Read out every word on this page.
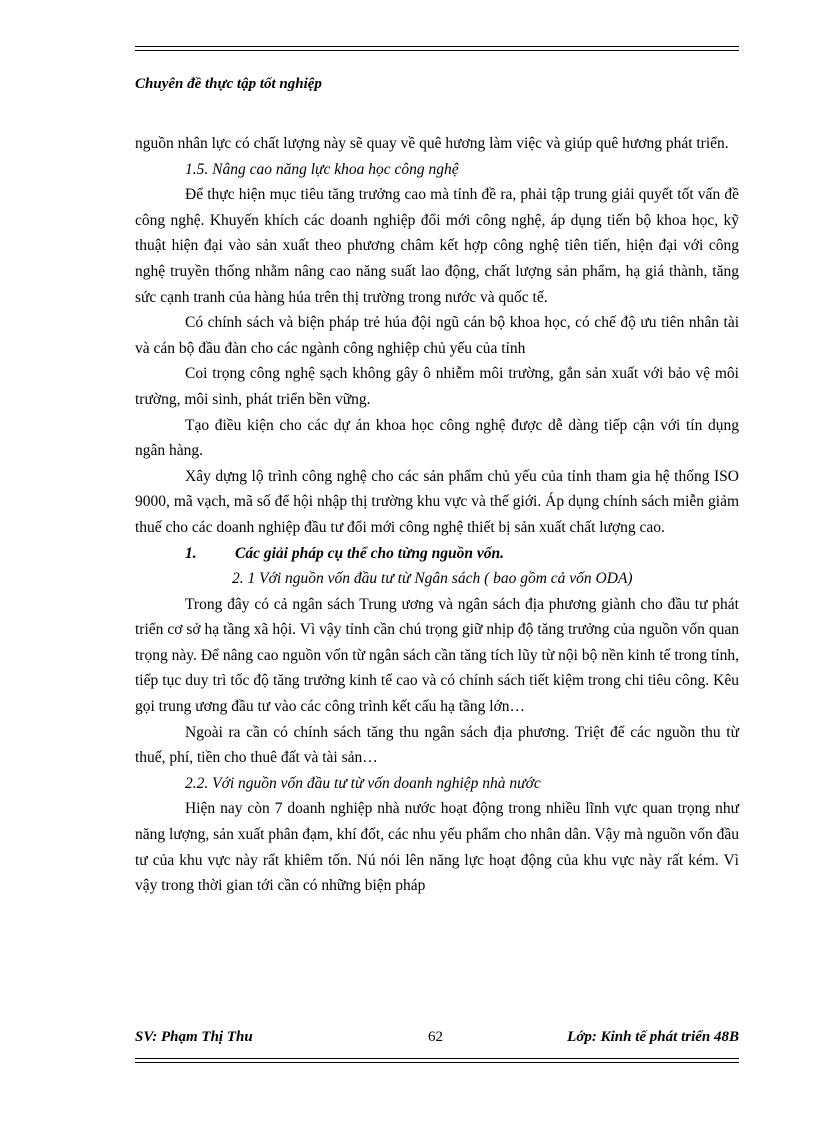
Chuyên đề thực tập tốt nghiệp

nguồn nhân lực có chất lượng này sẽ quay về quê hương làm việc và giúp quê hương phát triển.

1.5. Nâng cao năng lực khoa học công nghệ

Để thực hiện mục tiêu tăng trưởng cao mà tỉnh đề ra, phải tập trung giải quyết tốt vấn đề công nghệ. Khuyến khích các doanh nghiệp đổi mới công nghệ, áp dụng tiến bộ khoa học, kỹ thuật hiện đại vào sản xuất theo phương châm kết hợp công nghệ tiên tiến, hiện đại với công nghệ truyền thống nhằm nâng cao năng suất lao động, chất lượng sản phẩm, hạ giá thành, tăng sức cạnh tranh của hàng húa trên thị trường trong nước và quốc tế.

Có chính sách và biện pháp trẻ húa đội ngũ cán bộ khoa học, có chế độ ưu tiên nhân tài và cán bộ đầu đàn cho các ngành công nghiệp chủ yếu của tỉnh

Coi trọng công nghệ sạch không gây ô nhiễm môi trường, gắn sản xuất với bảo vệ môi trường, môi sinh, phát triển bền vững.

Tạo điều kiện cho các dự án khoa học công nghệ được dễ dàng tiếp cận với tín dụng ngân hàng.

Xây dựng lộ trình công nghệ cho các sản phẩm chủ yếu của tỉnh tham gia hệ thống ISO 9000, mã vạch, mã số để hội nhập thị trường khu vực và thế giới. Áp dụng chính sách miễn giảm thuế cho các doanh nghiệp đầu tư đổi mới công nghệ thiết bị sản xuất chất lượng cao.

1. Các giải pháp cụ thể cho từng nguồn vốn.

2. 1 Với nguồn vốn đầu tư từ Ngân sách ( bao gồm cả vốn ODA)

Trong đây có cả ngân sách Trung ương và ngân sách địa phương giành cho đầu tư phát triển cơ sở hạ tầng xã hội. Vì vậy tỉnh cần chú trọng giữ nhịp độ tăng trưởng của nguồn vốn quan trọng này. Để nâng cao nguồn vốn từ ngân sách cần tăng tích lũy từ nội bộ nền kinh tế trong tỉnh, tiếp tục duy trì tốc độ tăng trưởng kinh tế cao và có chính sách tiết kiệm trong chi tiêu công. Kêu gọi trung ương đầu tư vào các công trình kết cấu hạ tầng lớn…

Ngoài ra cần có chính sách tăng thu ngân sách địa phương. Triệt để các nguồn thu từ thuế, phí, tiền cho thuê đất và tài sản…

2.2. Với nguồn vốn đầu tư từ vốn doanh nghiệp nhà nước

Hiện nay còn 7 doanh nghiệp nhà nước hoạt động trong nhiều lĩnh vực quan trọng như năng lượng, sản xuất phân đạm, khí đốt, các nhu yếu phẩm cho nhân dân. Vậy mà nguồn vốn đầu tư của khu vực này rất khiêm tốn. Nú nói lên năng lực hoạt động của khu vực này rất kém. Vì vậy trong thời gian tới cần có những biện pháp

SV: Phạm Thị Thu	62	Lớp: Kinh tế phát triển 48B
